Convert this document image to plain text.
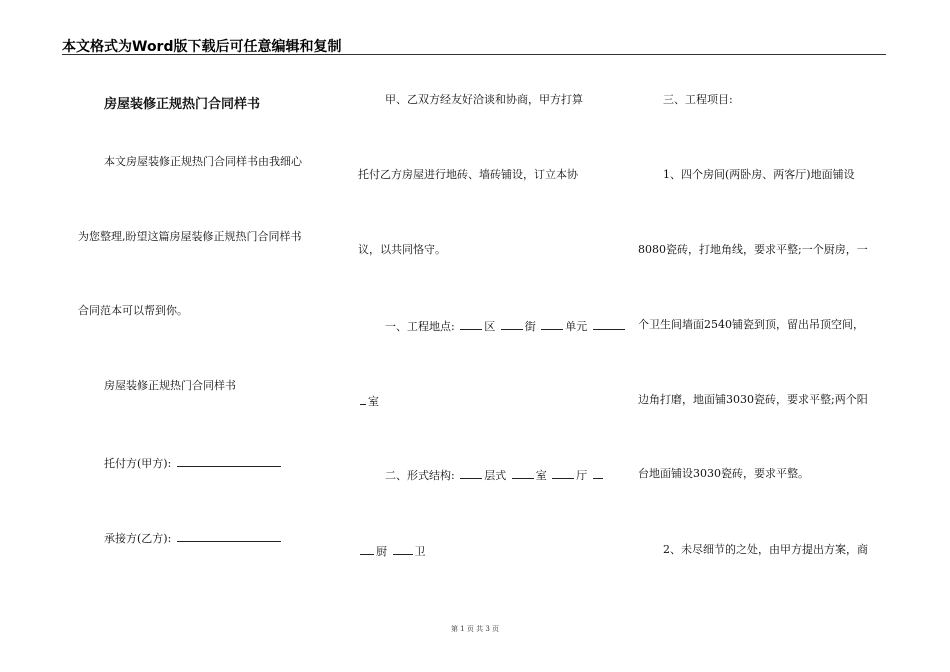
本文格式为Word版下载后可任意编辑和复制
房屋装修正规热门合同样书
本文房屋装修正规热门合同样书由我细心
为您整理,盼望这篇房屋装修正规热门合同样书
合同范本可以帮到你。
房屋装修正规热门合同样书
托付方(甲方):
承接方(乙方):
甲、乙双方经友好洽谈和协商，甲方打算
托付乙方房屋进行地砖、墙砖铺设，订立本协
议，以共同恪守。
一、工程地点:	区	街	单元
室
二、形式结构:	层式	室	厅
厨	卫
三、工程项目:
1、四个房间(两卧房、两客厅)地面铺设
8080瓷砖，打地角线，要求平整;一个厨房，一
个卫生间墙面2540铺瓷到顶，留出吊顶空间，
边角打磨，地面铺3030瓷砖，要求平整;两个阳
台地面铺设3030瓷砖，要求平整。
2、未尽细节的之处，由甲方提出方案，商
第 1 页 共 3 页
